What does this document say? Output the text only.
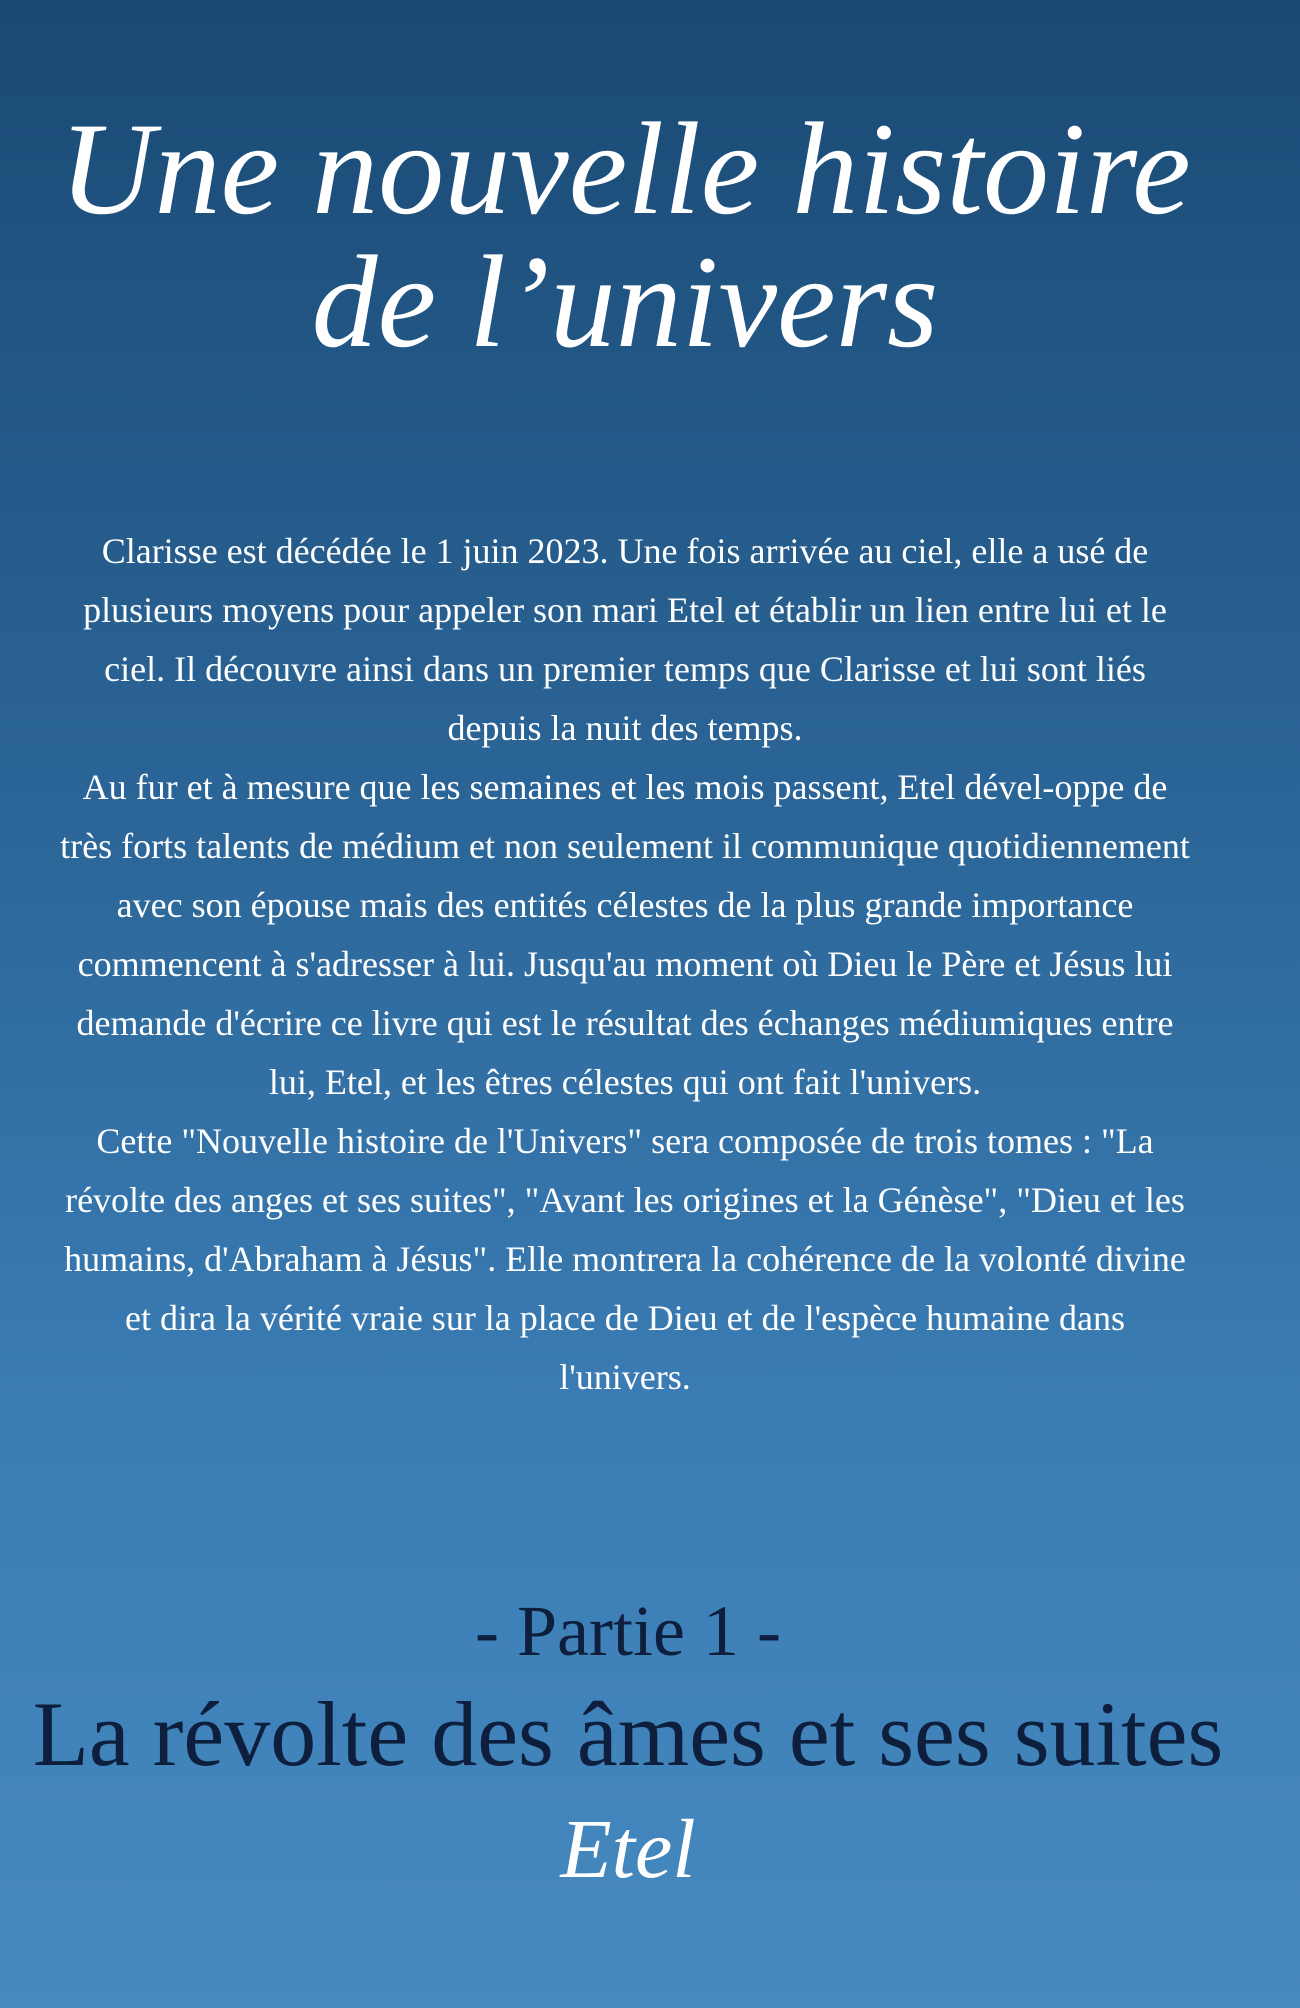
Une nouvelle histoire
de l’univers

Clarisse est décédée le 1 juin 2023. Une fois arrivée au ciel, elle a usé de plusieurs moyens pour appeler son mari Etel et établir un lien entre lui et le ciel. Il découvre ainsi dans un premier temps que Clarisse et lui sont liés depuis la nuit des temps.

Au fur et à mesure que les semaines et les mois passent, Etel dével-oppe de très forts talents de médium et non seulement il communique quotidiennement avec son épouse mais des entités célestes de la plus grande importance commencent à s'adresser à lui. Jusqu'au moment où Dieu le Père et Jésus lui demande d'écrire ce livre qui est le résultat des échanges médiumiques entre lui, Etel, et les êtres célestes qui ont fait l'univers.

Cette "Nouvelle histoire de l'Univers" sera composée de trois tomes : "La révolte des anges et ses suites", "Avant les origines et la Génèse", "Dieu et les humains, d'Abraham à Jésus". Elle montrera la cohérence de la volonté divine et dira la vérité vraie sur la place de Dieu et de l'espèce humaine dans l'univers.

- Partie 1 -
La révolte des âmes et ses suites
Etel
